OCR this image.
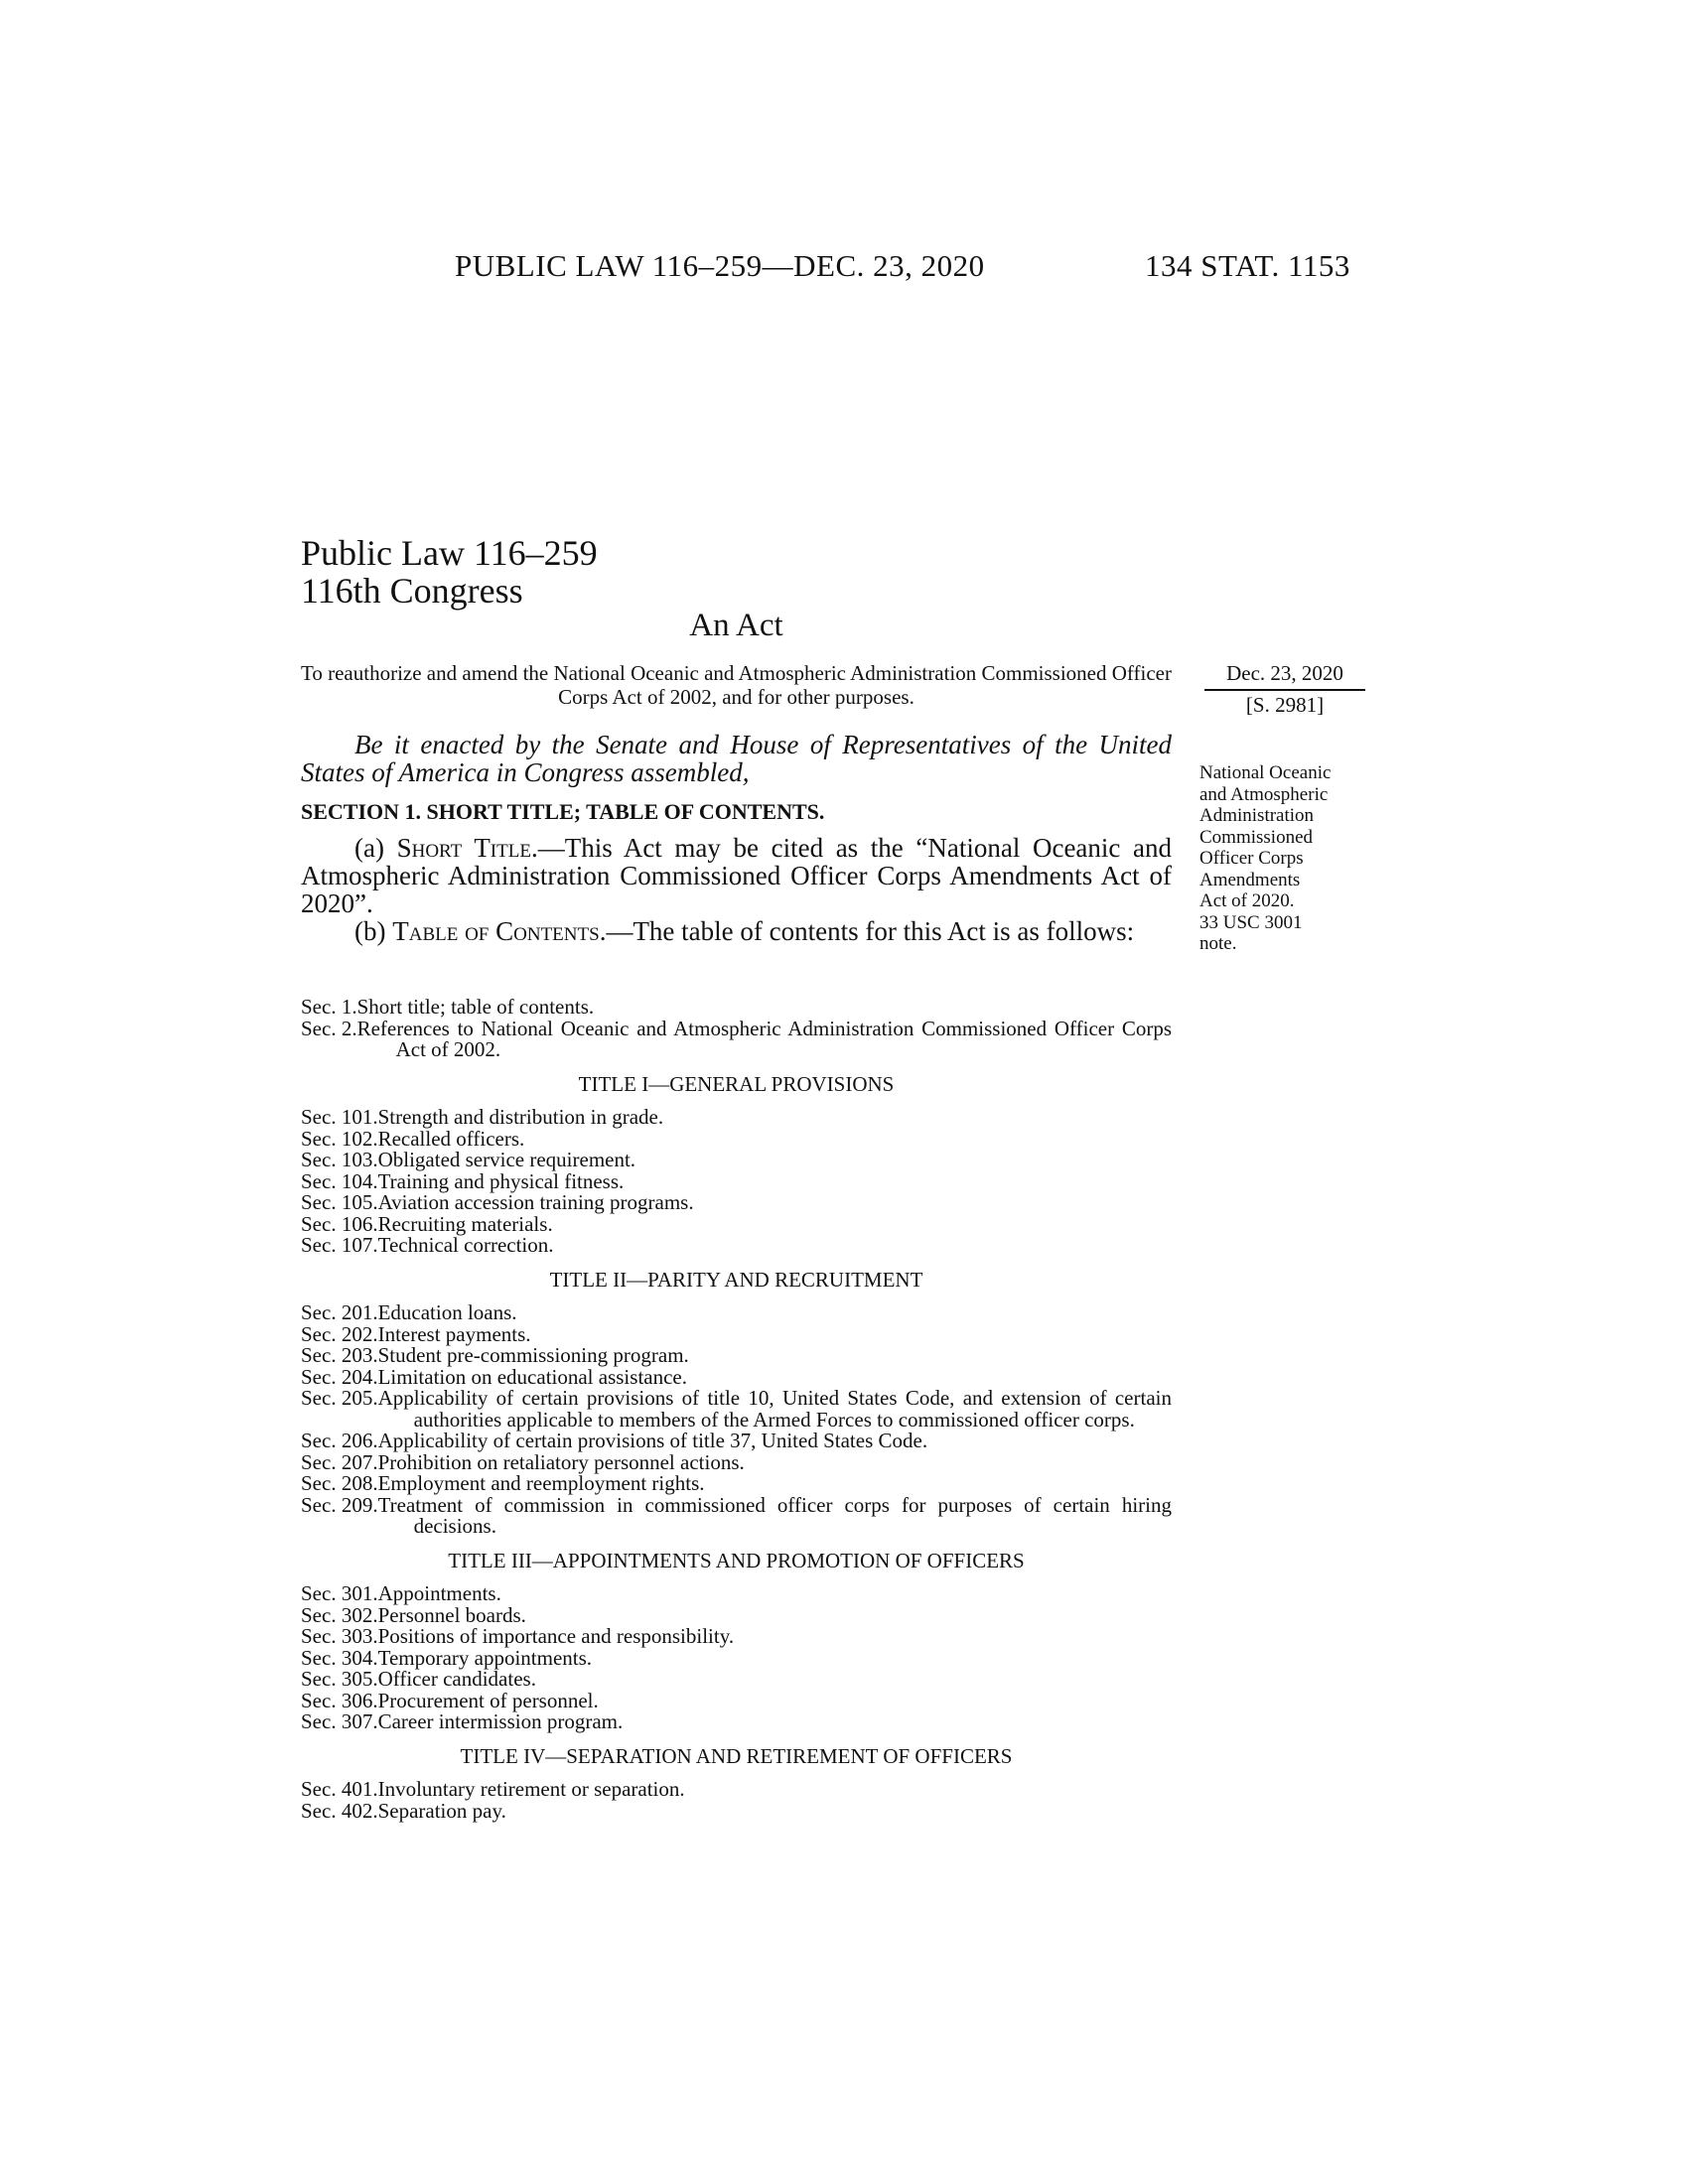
PUBLIC LAW 116–259—DEC. 23, 2020	134 STAT. 1153
Public Law 116–259
116th Congress
An Act
To reauthorize and amend the National Oceanic and Atmospheric Administration Commissioned Officer Corps Act of 2002, and for other purposes.
Dec. 23, 2020
[S. 2981]

Be it enacted by the Senate and House of Representatives of the United States of America in Congress assembled,

SECTION 1. SHORT TITLE; TABLE OF CONTENTS.

(a) Short Title.—This Act may be cited as the “National Oceanic and Atmospheric Administration Commissioned Officer Corps Amendments Act of 2020”.

(b) Table of Contents.—The table of contents for this Act is as follows:

National Oceanic
and Atmospheric
Administration
Commissioned
Officer Corps
Amendments
Act of 2020.
33 USC 3001
note.
Sec. 1. Short title; table of contents.
Sec. 2. References to National Oceanic and Atmospheric Administration Commissioned Officer Corps Act of 2002.
TITLE I—GENERAL PROVISIONS
Sec. 101. Strength and distribution in grade.
Sec. 102. Recalled officers.
Sec. 103. Obligated service requirement.
Sec. 104. Training and physical fitness.
Sec. 105. Aviation accession training programs.
Sec. 106. Recruiting materials.
Sec. 107. Technical correction.
TITLE II—PARITY AND RECRUITMENT
Sec. 201. Education loans.
Sec. 202. Interest payments.
Sec. 203. Student pre-commissioning program.
Sec. 204. Limitation on educational assistance.
Sec. 205. Applicability of certain provisions of title 10, United States Code, and extension of certain authorities applicable to members of the Armed Forces to commissioned officer corps.
Sec. 206. Applicability of certain provisions of title 37, United States Code.
Sec. 207. Prohibition on retaliatory personnel actions.
Sec. 208. Employment and reemployment rights.
Sec. 209. Treatment of commission in commissioned officer corps for purposes of certain hiring decisions.
TITLE III—APPOINTMENTS AND PROMOTION OF OFFICERS
Sec. 301. Appointments.
Sec. 302. Personnel boards.
Sec. 303. Positions of importance and responsibility.
Sec. 304. Temporary appointments.
Sec. 305. Officer candidates.
Sec. 306. Procurement of personnel.
Sec. 307. Career intermission program.
TITLE IV—SEPARATION AND RETIREMENT OF OFFICERS
Sec. 401. Involuntary retirement or separation.
Sec. 402. Separation pay.
